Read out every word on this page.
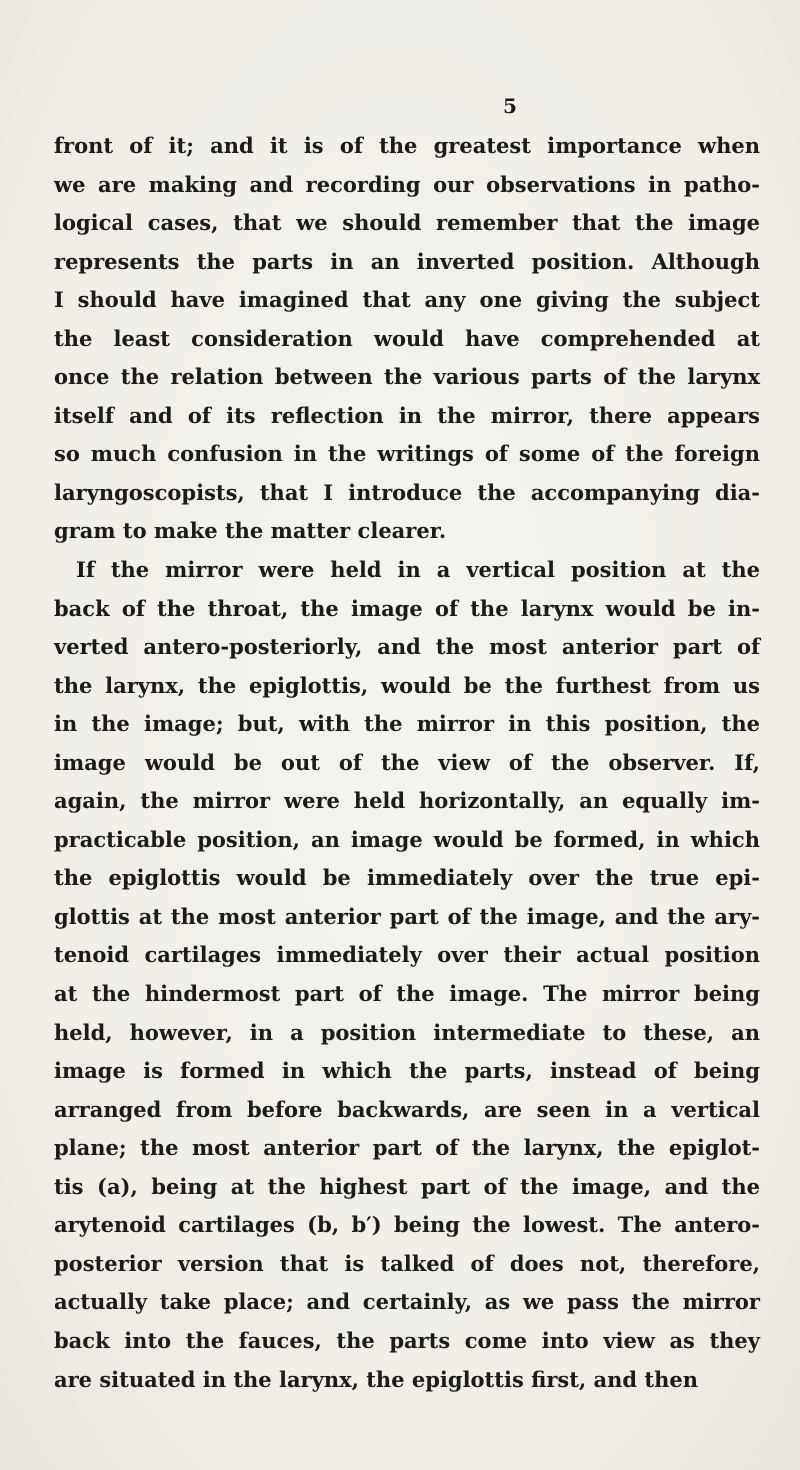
5
front of it; and it is of the greatest importance when
we are making and recording our observations in patho-
logical cases, that we should remember that the image
represents the parts in an inverted position. Although
I should have imagined that any one giving the subject
the least consideration would have comprehended at
once the relation between the various parts of the larynx
itself and of its reflection in the mirror, there appears
so much confusion in the writings of some of the foreign
laryngoscopists, that I introduce the accompanying dia-
gram to make the matter clearer.
If the mirror were held in a vertical position at the
back of the throat, the image of the larynx would be in-
verted antero-posteriorly, and the most anterior part of
the larynx, the epiglottis, would be the furthest from us
in the image; but, with the mirror in this position, the
image would be out of the view of the observer. If,
again, the mirror were held horizontally, an equally im-
practicable position, an image would be formed, in which
the epiglottis would be immediately over the true epi-
glottis at the most anterior part of the image, and the ary-
tenoid cartilages immediately over their actual position
at the hindermost part of the image. The mirror being
held, however, in a position intermediate to these, an
image is formed in which the parts, instead of being
arranged from before backwards, are seen in a vertical
plane; the most anterior part of the larynx, the epiglot-
tis (a), being at the highest part of the image, and the
arytenoid cartilages (b, b′) being the lowest. The antero-
posterior version that is talked of does not, therefore,
actually take place; and certainly, as we pass the mirror
back into the fauces, the parts come into view as they
are situated in the larynx, the epiglottis first, and then
